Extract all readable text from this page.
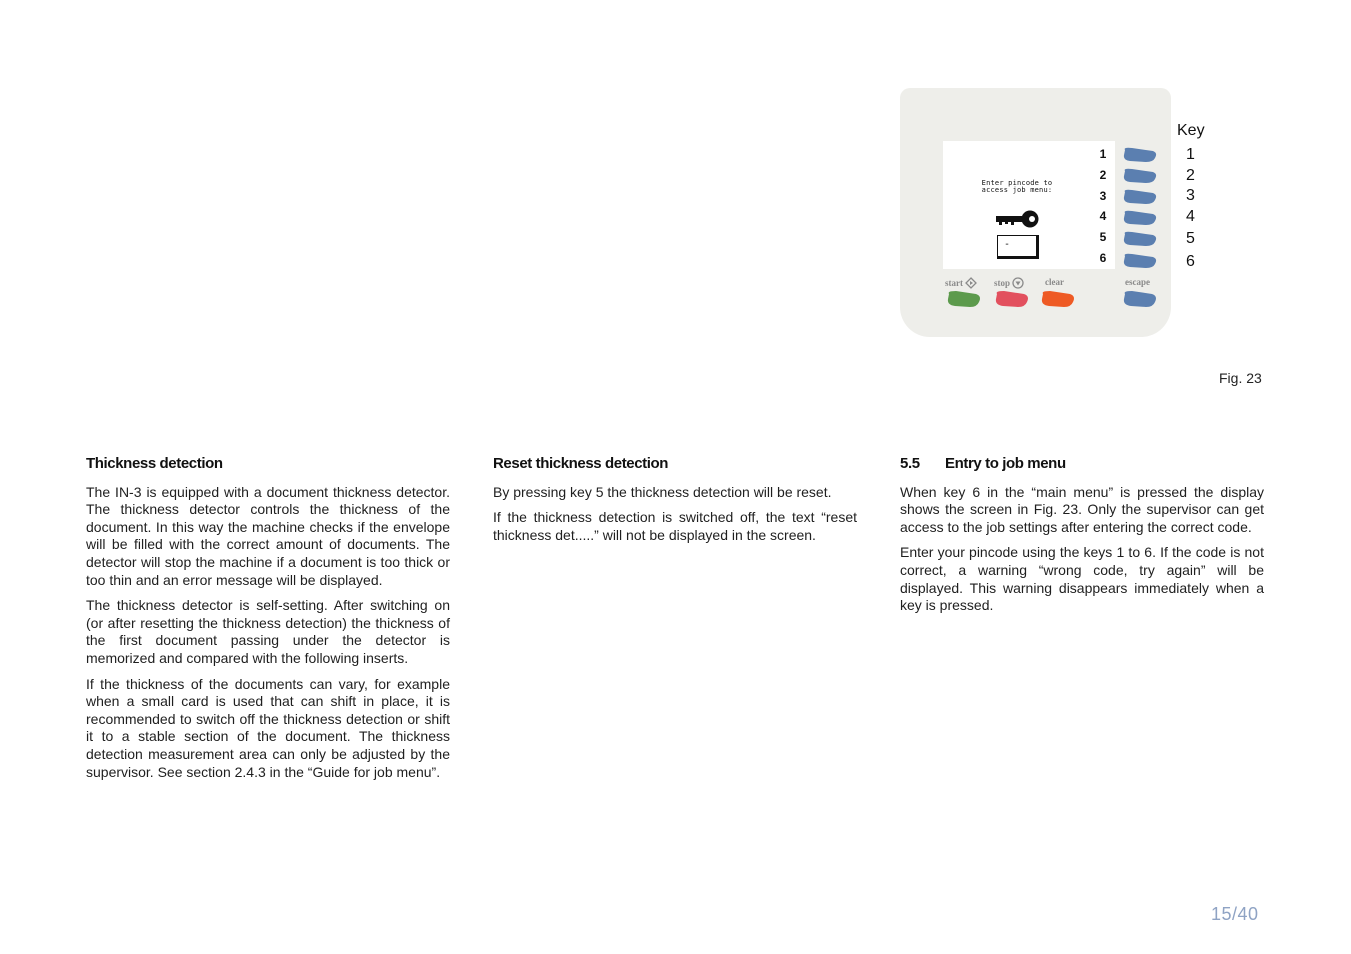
Enter pincode to
access job menu:
-
1
2
3
4
5
6
start	stop	clear	escape
Key
1
2
3
4
5
6
Fig. 23
Thickness detection

The IN-3 is equipped with a document thickness detector. The thickness detector controls the thickness of the document. In this way the machine checks if the envelope will be filled with the correct amount of documents. The detector will stop the machine if a document is too thick or too thin and an error message will be displayed.

The thickness detector is self-setting. After switching on (or after resetting the thickness detection) the thickness of the first document passing under the detector is memorized and compared with the following inserts.

If the thickness of the documents can vary, for example when a small card is used that can shift in place, it is recommended to switch off the thickness detection or shift it to a stable section of the document. The thickness detection measurement area can only be adjusted by the supervisor. See section 2.4.3 in the “Guide for job menu”.

Reset thickness detection

By pressing key 5 the thickness detection will be reset.

If the thickness detection is switched off, the text “reset thickness det.....” will not be displayed in the screen.

5.5 Entry to job menu

When key 6 in the “main menu” is pressed the display shows the screen in Fig. 23. Only the supervisor can get access to the job settings after entering the correct code.

Enter your pincode using the keys 1 to 6. If the code is not correct, a warning “wrong code, try again” will be displayed. This warning disappears immediately when a key is pressed.

15/40
